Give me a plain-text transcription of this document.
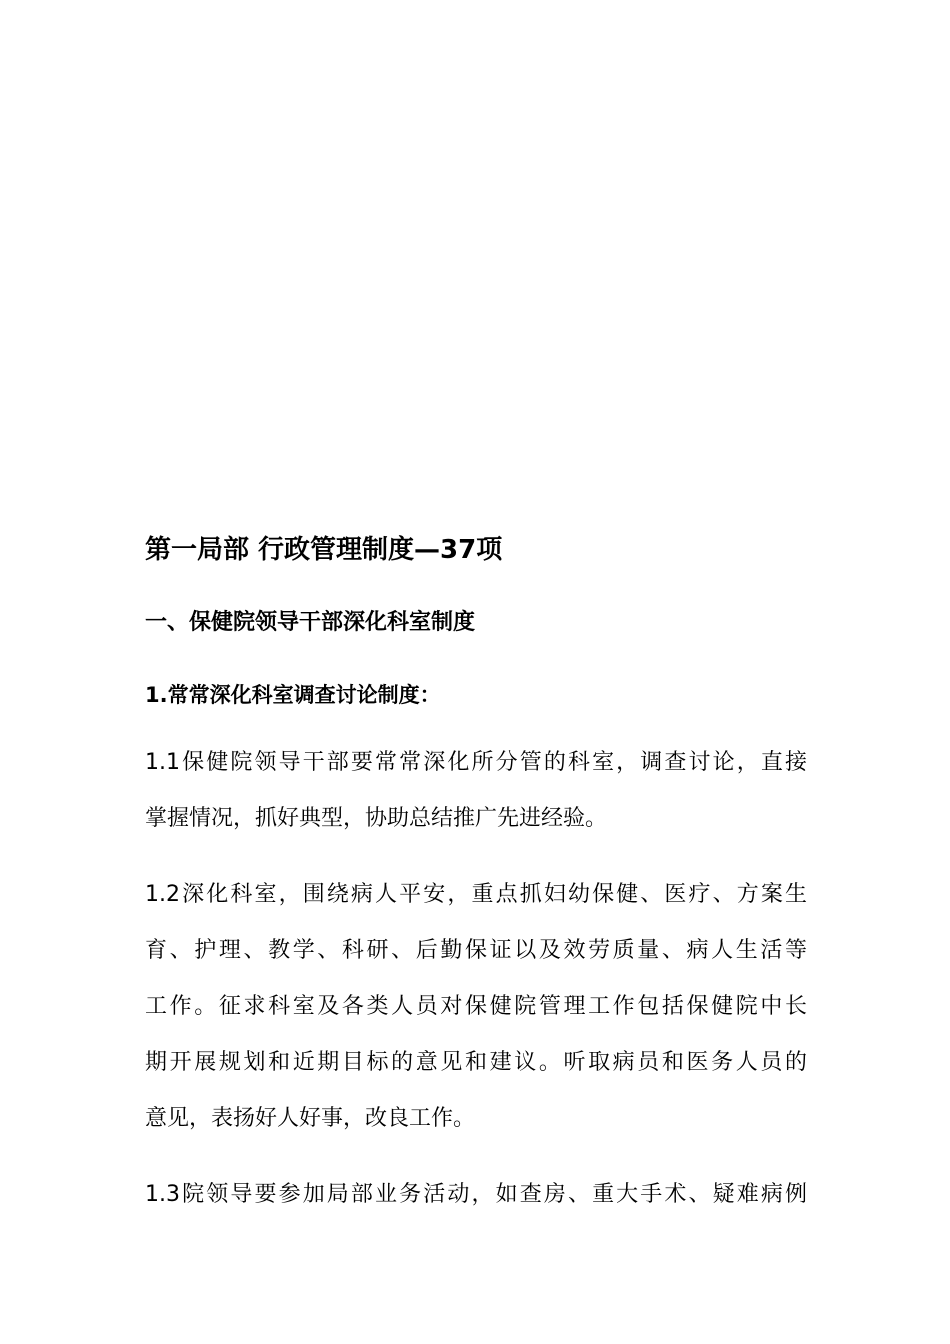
第一局部 行政管理制度—37项
一、保健院领导干部深化科室制度
1.常常深化科室调查讨论制度：

1.1保健院领导干部要常常深化所分管的科室，调查讨论，直接
掌握情况，抓好典型，协助总结推广先进经验。

1.2深化科室，围绕病人平安，重点抓妇幼保健、医疗、方案生
育、护理、教学、科研、后勤保证以及效劳质量、病人生活等
工作。征求科室及各类人员对保健院管理工作包括保健院中长
期开展规划和近期目标的意见和建议。听取病员和医务人员的
意见，表扬好人好事，改良工作。

1.3院领导要参加局部业务活动，如查房、重大手术、疑难病例
